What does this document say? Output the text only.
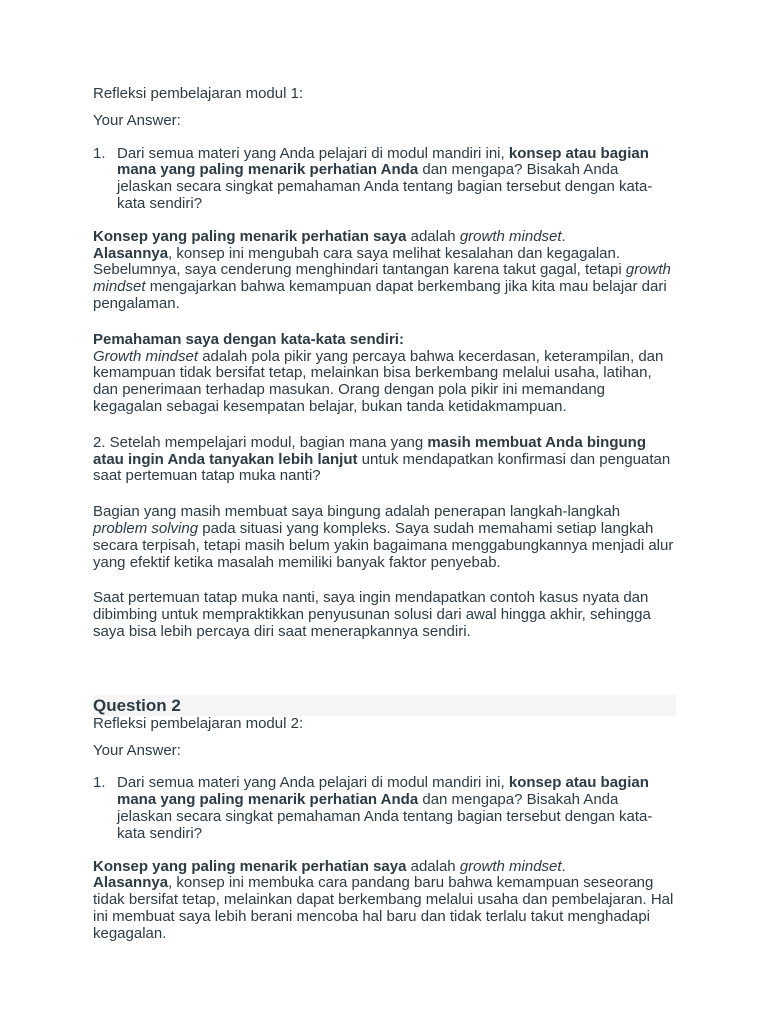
Refleksi pembelajaran modul 1:

Your Answer:

1. Dari semua materi yang Anda pelajari di modul mandiri ini, konsep atau bagian mana yang paling menarik perhatian Anda dan mengapa? Bisakah Anda jelaskan secara singkat pemahaman Anda tentang bagian tersebut dengan kata-kata sendiri?

Konsep yang paling menarik perhatian saya adalah growth mindset.
Alasannya, konsep ini mengubah cara saya melihat kesalahan dan kegagalan. Sebelumnya, saya cenderung menghindari tantangan karena takut gagal, tetapi growth mindset mengajarkan bahwa kemampuan dapat berkembang jika kita mau belajar dari pengalaman.

Pemahaman saya dengan kata-kata sendiri:
Growth mindset adalah pola pikir yang percaya bahwa kecerdasan, keterampilan, dan kemampuan tidak bersifat tetap, melainkan bisa berkembang melalui usaha, latihan, dan penerimaan terhadap masukan. Orang dengan pola pikir ini memandang kegagalan sebagai kesempatan belajar, bukan tanda ketidakmampuan.

2. Setelah mempelajari modul, bagian mana yang masih membuat Anda bingung atau ingin Anda tanyakan lebih lanjut untuk mendapatkan konfirmasi dan penguatan saat pertemuan tatap muka nanti?

Bagian yang masih membuat saya bingung adalah penerapan langkah-langkah problem solving pada situasi yang kompleks. Saya sudah memahami setiap langkah secara terpisah, tetapi masih belum yakin bagaimana menggabungkannya menjadi alur yang efektif ketika masalah memiliki banyak faktor penyebab.

Saat pertemuan tatap muka nanti, saya ingin mendapatkan contoh kasus nyata dan dibimbing untuk mempraktikkan penyusunan solusi dari awal hingga akhir, sehingga saya bisa lebih percaya diri saat menerapkannya sendiri.

Question 2

Refleksi pembelajaran modul 2:

Your Answer:

1. Dari semua materi yang Anda pelajari di modul mandiri ini, konsep atau bagian mana yang paling menarik perhatian Anda dan mengapa? Bisakah Anda jelaskan secara singkat pemahaman Anda tentang bagian tersebut dengan kata-kata sendiri?

Konsep yang paling menarik perhatian saya adalah growth mindset.
Alasannya, konsep ini membuka cara pandang baru bahwa kemampuan seseorang tidak bersifat tetap, melainkan dapat berkembang melalui usaha dan pembelajaran. Hal ini membuat saya lebih berani mencoba hal baru dan tidak terlalu takut menghadapi kegagalan.
